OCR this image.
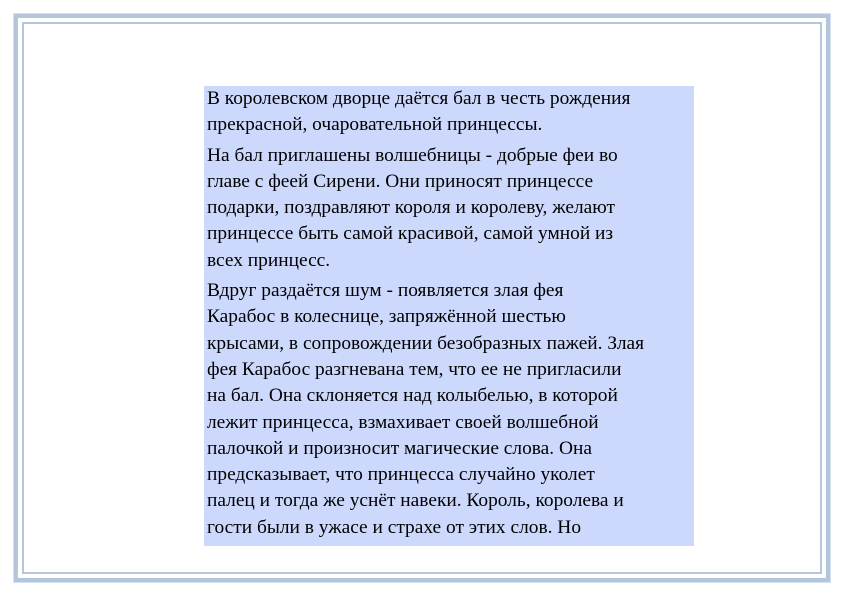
В королевском дворце даётся бал в честь рождения
прекрасной, очаровательной принцессы.

На бал приглашены волшебницы - добрые феи во
главе с феей Сирени. Они приносят принцессе
подарки, поздравляют короля и королеву, желают
принцессе быть самой красивой, самой умной из
всех принцесс.

Вдруг раздаётся шум - появляется злая фея
Карабос в колеснице, запряжённой шестью
крысами, в сопровождении безобразных пажей. Злая
фея Карабос разгневана тем, что ее не пригласили
на бал. Она склоняется над колыбелью, в которой
лежит принцесса, взмахивает своей волшебной
палочкой и произносит магические слова. Она
предсказывает, что принцесса случайно уколет
палец и тогда же уснёт навеки. Король, королева и
гости были в ужасе и страхе от этих слов. Но
